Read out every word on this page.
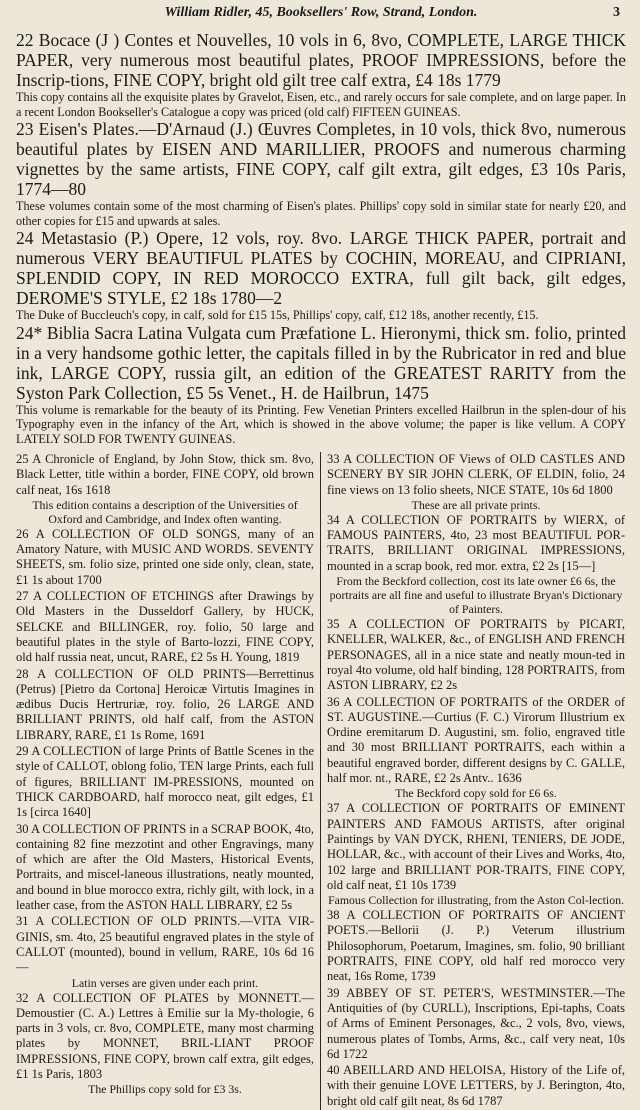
William Ridler, 45, Booksellers' Row, Strand, London.	3
22 Bocace (J ) Contes et Nouvelles, 10 vols in 6, 8vo, COMPLETE, LARGE THICK PAPER, very numerous most beautiful plates, PROOF IMPRESSIONS, before the Inscrip-tions, FINE COPY, bright old gilt tree calf extra, £4 18s 1779
This copy contains all the exquisite plates by Gravelot, Eisen, etc., and rarely occurs for sale complete, and on large paper. In a recent London Bookseller's Catalogue a copy was priced (old calf) FIFTEEN GUINEAS.
23 Eisen's Plates.—D'Arnaud (J.) Œuvres Completes, in 10 vols, thick 8vo, numerous beautiful plates by EISEN AND MARILLIER, PROOFS and numerous charming vignettes by the same artists, FINE COPY, calf gilt extra, gilt edges, £3 10s Paris, 1774—80
These volumes contain some of the most charming of Eisen's plates. Phillips' copy sold in similar state for nearly £20, and other copies for £15 and upwards at sales.
24 Metastasio (P.) Opere, 12 vols, roy. 8vo. LARGE THICK PAPER, portrait and numerous VERY BEAUTIFUL PLATES by COCHIN, MOREAU, and CIPRIANI, SPLENDID COPY, IN RED MOROCCO EXTRA, full gilt back, gilt edges, DEROME'S STYLE, £2 18s 1780—2
The Duke of Buccleuch's copy, in calf, sold for £15 15s, Phillips' copy, calf, £12 18s, another recently, £15.
24* Biblia Sacra Latina Vulgata cum Præfatione L. Hieronymi, thick sm. folio, printed in a very handsome gothic letter, the capitals filled in by the Rubricator in red and blue ink, LARGE COPY, russia gilt, an edition of the GREATEST RARITY from the Syston Park Collection, £5 5s Venet., H. de Hailbrun, 1475
This volume is remarkable for the beauty of its Printing. Few Venetian Printers excelled Hailbrun in the splen-dour of his Typography even in the infancy of the Art, which is showed in the above volume; the paper is like vellum. A COPY LATELY SOLD FOR TWENTY GUINEAS.
25 A Chronicle of England, by John Stow, thick sm. 8vo, Black Letter, title within a border, FINE COPY, old brown calf neat, 16s 1618
This edition contains a description of the Universities of Oxford and Cambridge, and Index often wanting.
26 A COLLECTION OF OLD SONGS, many of an Amatory Nature, with MUSIC AND WORDS. SEVENTY SHEETS, sm. folio size, printed one side only, clean, state, £1 1s about 1700
27 A COLLECTION OF ETCHINGS after Drawings by Old Masters in the Dusseldorf Gallery, by HUCK, SELCKE and BILLINGER, roy. folio, 50 large and beautiful plates in the style of Barto-lozzi, FINE COPY, old half russia neat, uncut, RARE, £2 5s H. Young, 1819
28 A COLLECTION OF OLD PRINTS—Berrettinus (Petrus) [Pietro da Cortona] Heroicæ Virtutis Imagines in ædibus Ducis Hertruriæ, roy. folio, 26 LARGE AND BRILLIANT PRINTS, old half calf, from the ASTON LIBRARY, RARE, £1 1s Rome, 1691
29 A COLLECTION of large Prints of Battle Scenes in the style of CALLOT, oblong folio, TEN large Prints, each full of figures, BRILLIANT IM-PRESSIONS, mounted on THICK CARDBOARD, half morocco neat, gilt edges, £1 1s [circa 1640]
30 A COLLECTION OF PRINTS in a SCRAP BOOK, 4to, containing 82 fine mezzotint and other Engravings, many of which are after the Old Masters, Historical Events, Portraits, and miscel-laneous illustrations, neatly mounted, and bound in blue morocco extra, richly gilt, with lock, in a leather case, from the ASTON HALL LIBRARY, £2 5s
31 A COLLECTION OF OLD PRINTS.—VITA VIR-GINIS, sm. 4to, 25 beautiful engraved plates in the style of CALLOT (mounted), bound in vellum, RARE, 10s 6d 16—
Latin verses are given under each print.
32 A COLLECTION OF PLATES by MONNETT.—Demoustier (C. A.) Lettres à Emilie sur la My-thologie, 6 parts in 3 vols, cr. 8vo, COMPLETE, many most charming plates by MONNET, BRIL-LIANT PROOF IMPRESSIONS, FINE COPY, brown calf extra, gilt edges, £1 1s Paris, 1803
The Phillips copy sold for £3 3s.
33 A COLLECTION OF Views of OLD CASTLES AND SCENERY BY SIR JOHN CLERK, OF ELDIN, folio, 24 fine views on 13 folio sheets, NICE STATE, 10s 6d 1800
These are all private prints.
34 A COLLECTION OF PORTRAITS by WIERX, of FAMOUS PAINTERS, 4to, 23 most BEAUTIFUL POR-TRAITS, BRILLIANT ORIGINAL IMPRESSIONS, mounted in a scrap book, red mor. extra, £2 2s [15—]
From the Beckford collection, cost its late owner £6 6s, the portraits are all fine and useful to illustrate Bryan's Dictionary of Painters.
35 A COLLECTION OF PORTRAITS by PICART, KNELLER, WALKER, &c., of ENGLISH AND FRENCH PERSONAGES, all in a nice state and neatly moun-ted in royal 4to volume, old half binding, 128 PORTRAITS, from ASTON LIBRARY, £2 2s
36 A COLLECTION OF PORTRAITS of the ORDER of ST. AUGUSTINE.—Curtius (F. C.) Virorum Illustrium ex Ordine eremitarum D. Augustini, sm. folio, engraved title and 30 most BRILLIANT PORTRAITS, each within a beautiful engraved border, different designs by C. GALLE, half mor. nt., RARE, £2 2s Antv.. 1636
The Beckford copy sold for £6 6s.
37 A COLLECTION OF PORTRAITS OF EMINENT PAINTERS AND FAMOUS ARTISTS, after original Paintings by VAN DYCK, RHENI, TENIERS, DE JODE, HOLLAR, &c., with account of their Lives and Works, 4to, 102 large and BRILLIANT POR-TRAITS, FINE COPY, old calf neat, £1 10s 1739
Famous Collection for illustrating, from the Aston Col-lection.
38 A COLLECTION OF PORTRAITS OF ANCIENT POETS.—Bellorii (J. P.) Veterum illustrium Philosophorum, Poetarum, Imagines, sm. folio, 90 brilliant PORTRAITS, FINE COPY, old half red morocco very neat, 16s Rome, 1739
39 ABBEY OF ST. PETER'S, WESTMINSTER.—The Antiquities of (by CURLL), Inscriptions, Epi-taphs, Coats of Arms of Eminent Personages, &c., 2 vols, 8vo, views, numerous plates of Tombs, Arms, &c., calf very neat, 10s 6d 1722
40 ABEILLARD AND HELOISA, History of the Life of, with their genuine LOVE LETTERS, by J. Berington, 4to, bright old calf gilt neat, 8s 6d 1787
